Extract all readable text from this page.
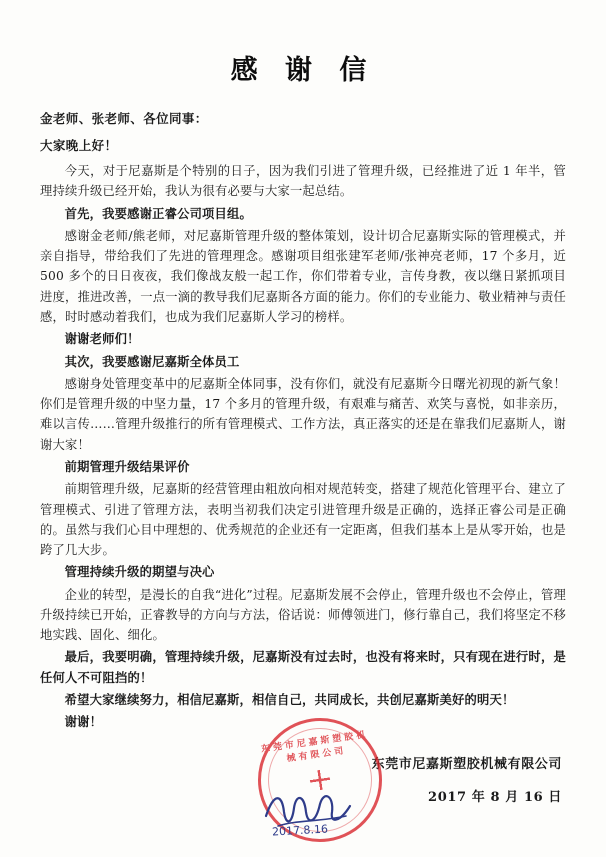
感 谢 信
金老师、张老师、各位同事：
大家晚上好！

今天，对于尼嘉斯是个特别的日子，因为我们引进了管理升级，已经推进了近 1 年半，管理持续升级已经开始，我认为很有必要与大家一起总结。

首先，我要感谢正睿公司项目组。

感谢金老师/熊老师，对尼嘉斯管理升级的整体策划，设计切合尼嘉斯实际的管理模式，并亲自指导，带给我们了先进的管理理念。感谢项目组张建军老师/张神亮老师，17 个多月，近 500 多个的日日夜夜，我们像战友般一起工作，你们带着专业，言传身教，夜以继日紧抓项目进度，推进改善，一点一滴的教导我们尼嘉斯各方面的能力。你们的专业能力、敬业精神与责任感，时时感动着我们，也成为我们尼嘉斯人学习的榜样。

谢谢老师们！

其次，我要感谢尼嘉斯全体员工

感谢身处管理变革中的尼嘉斯全体同事，没有你们，就没有尼嘉斯今日曙光初现的新气象！你们是管理升级的中坚力量，17 个多月的管理升级，有艰难与痛苦、欢笑与喜悦，如非亲历，难以言传……管理升级推行的所有管理模式、工作方法，真正落实的还是在靠我们尼嘉斯人，谢谢大家！

前期管理升级结果评价

前期管理升级，尼嘉斯的经营管理由粗放向相对规范转变，搭建了规范化管理平台、建立了管理模式、引进了管理方法，表明当初我们决定引进管理升级是正确的，选择正睿公司是正确的。虽然与我们心目中理想的、优秀规范的企业还有一定距离，但我们基本上是从零开始，也是跨了几大步。

管理持续升级的期望与决心

企业的转型，是漫长的自我“进化”过程。尼嘉斯发展不会停止，管理升级也不会停止，管理升级持续已开始，正睿教导的方向与方法，俗话说：师傅领进门，修行靠自己，我们将坚定不移地实践、固化、细化。

最后，我要明确，管理持续升级，尼嘉斯没有过去时，也没有将来时，只有现在进行时，是任何人不可阻挡的！

希望大家继续努力，相信尼嘉斯，相信自己，共同成长，共创尼嘉斯美好的明天！

谢谢！

东莞市尼嘉斯塑胶机械有限公司
2017 年 8 月 16 日
东莞市尼嘉斯塑胶机械有限公司
2017.8.16
